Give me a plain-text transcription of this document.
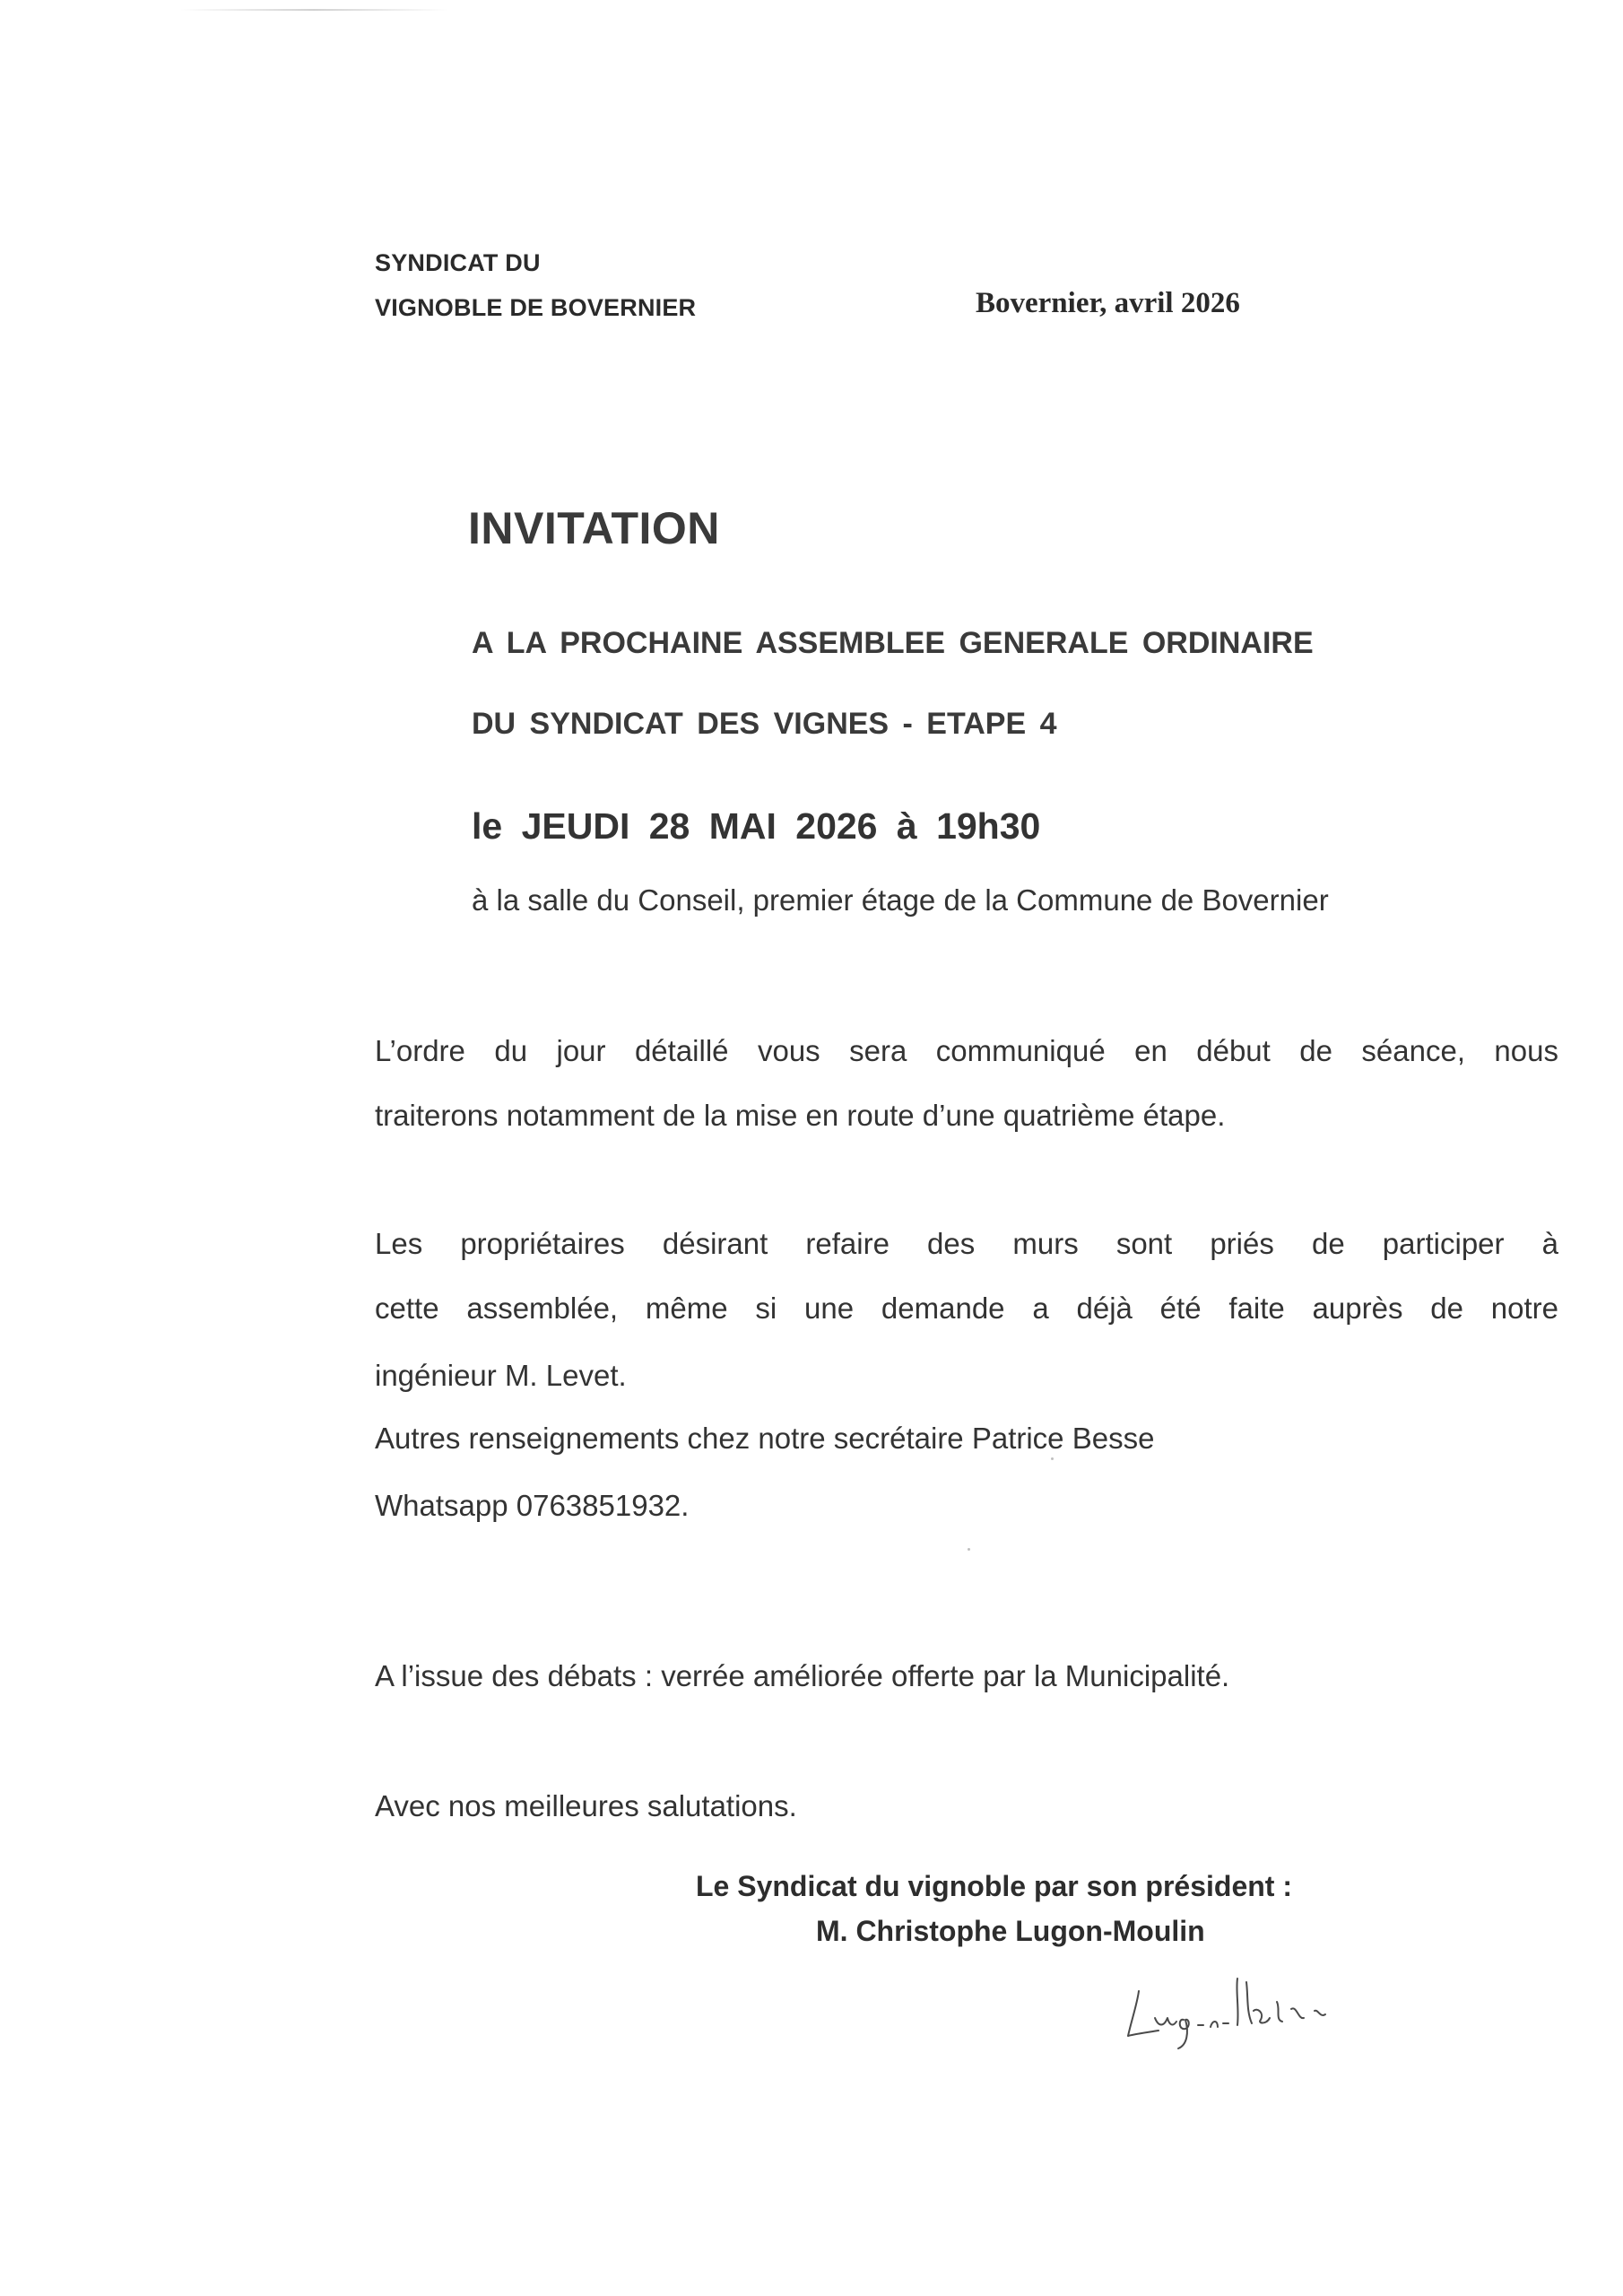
SYNDICAT DU
VIGNOBLE DE BOVERNIER	Bovernier, avril 2026
INVITATION
A LA PROCHAINE ASSEMBLEE GENERALE ORDINAIRE
DU SYNDICAT DES VIGNES - ETAPE 4
le JEUDI 28 MAI 2026 à 19h30
à la salle du Conseil, premier étage de la Commune de Bovernier
L’ordre du jour détaillé vous sera communiqué en début de séance, nous
traiterons notamment de la mise en route d’une quatrième étape.
Les propriétaires désirant refaire des murs sont priés de participer à
cette assemblée, même si une demande a déjà été faite auprès de notre
ingénieur M. Levet.
Autres renseignements chez notre secrétaire Patrice Besse
Whatsapp 0763851932.
A l’issue des débats : verrée améliorée offerte par la Municipalité.
Avec nos meilleures salutations.
Le Syndicat du vignoble par son président :
M. Christophe Lugon-Moulin
